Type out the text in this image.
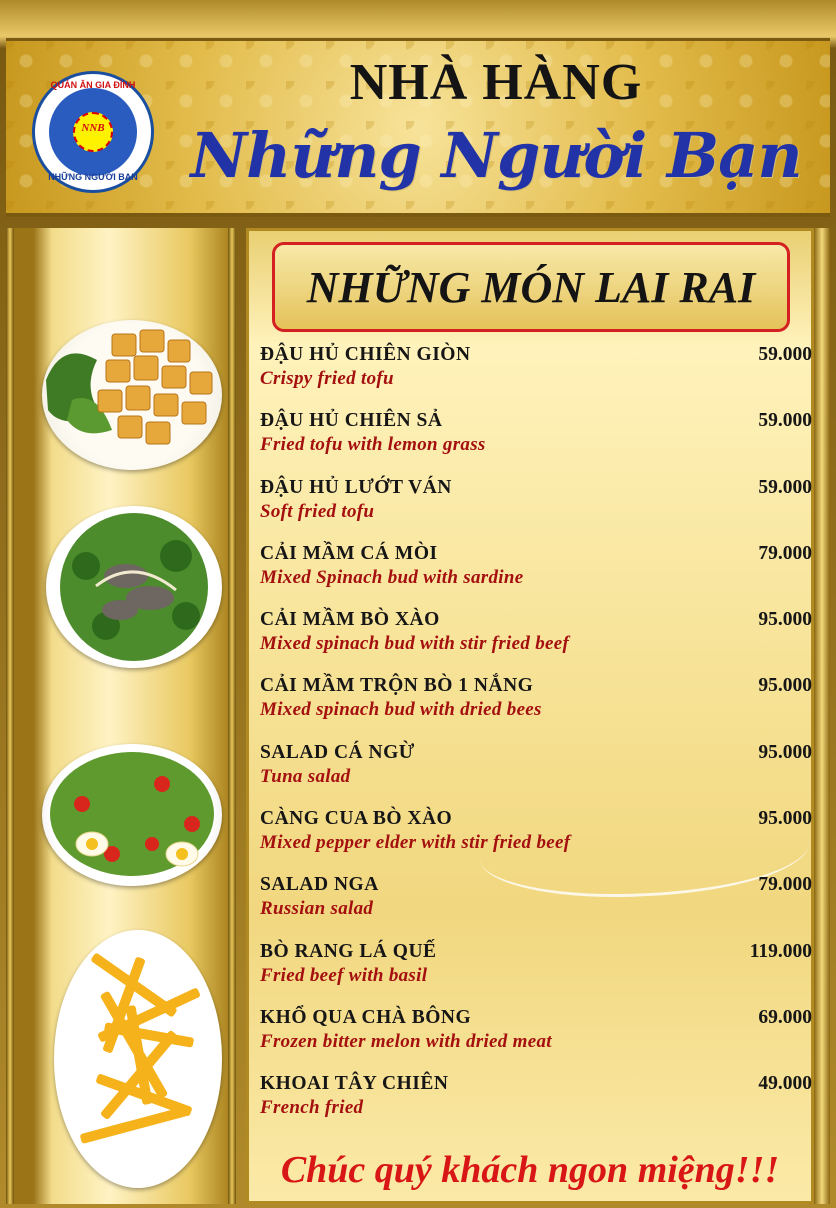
QUÁN ĂN GIA ĐÌNH
NNB
NHỮNG NGƯỜI BẠN
NHÀ HÀNG
Những Người Bạn
NHỮNG MÓN LAI RAI
ĐẬU HỦ CHIÊN GIÒN
Crispy fried tofu
59.000
ĐẬU HỦ CHIÊN SẢ
Fried tofu with lemon grass
59.000
ĐẬU HỦ LƯỚT VÁN
Soft fried tofu
59.000
CẢI MẦM CÁ MÒI
Mixed Spinach bud with sardine
79.000
CẢI MẦM BÒ XÀO
Mixed spinach bud with stir fried beef
95.000
CẢI MẦM TRỘN BÒ 1 NẮNG
Mixed spinach bud with dried bees
95.000
SALAD CÁ NGỪ
Tuna salad
95.000
CÀNG CUA BÒ XÀO
Mixed pepper elder with stir fried beef
95.000
SALAD NGA
Russian salad
79.000
BÒ RANG LÁ QUẾ
Fried beef with basil
119.000
KHỔ QUA CHÀ BÔNG
Frozen bitter melon with dried meat
69.000
KHOAI TÂY CHIÊN
French fried
49.000
Chúc quý khách ngon miệng!!!
